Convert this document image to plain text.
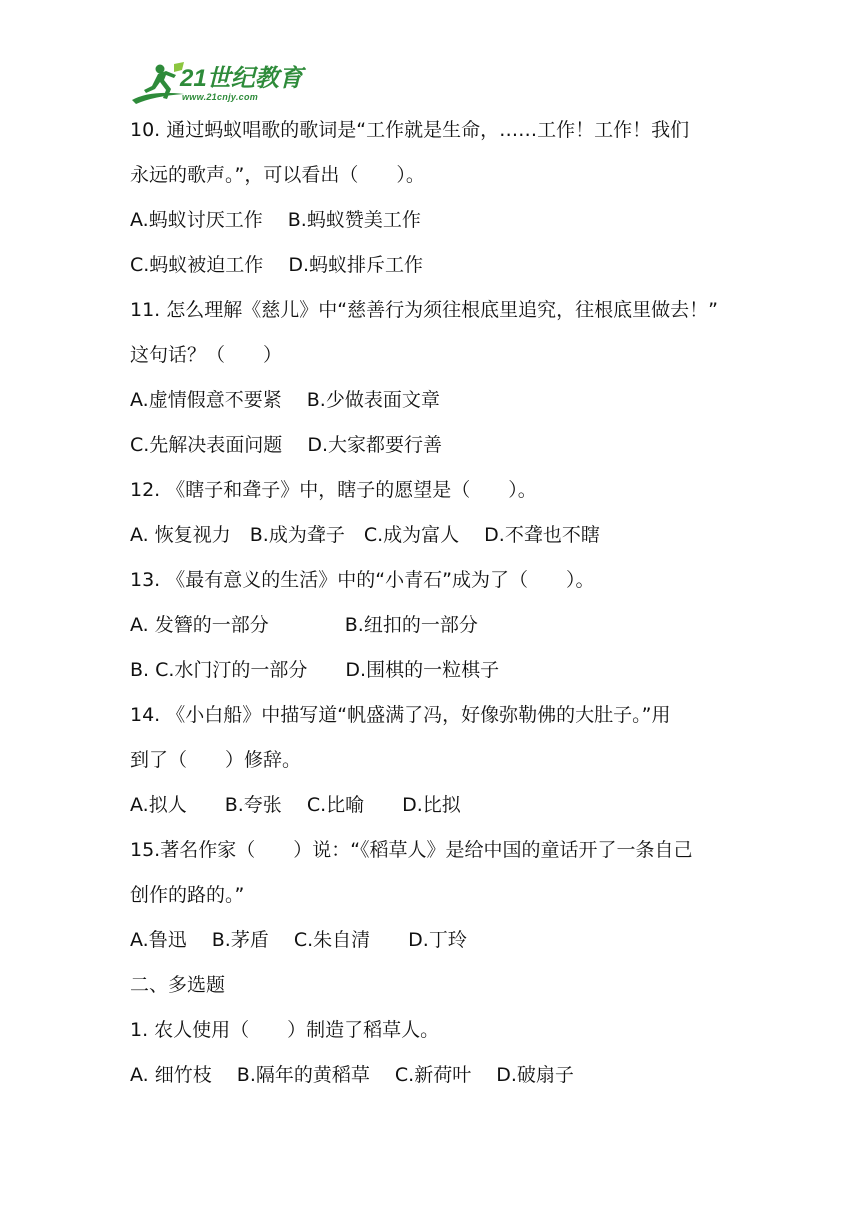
21世纪教育
www.21cnjy.com
10. 通过蚂蚁唱歌的歌词是“工作就是生命，……工作！工作！我们
永远的歌声。”，可以看出（　　）。
A.蚂蚁讨厌工作　 B.蚂蚁赞美工作
C.蚂蚁被迫工作　 D.蚂蚁排斥工作
11. 怎么理解《慈儿》中“慈善行为须往根底里追究，往根底里做去！”
这句话？（　　）
A.虚情假意不要紧　 B.少做表面文章
C.先解决表面问题　 D.大家都要行善
12. 《瞎子和聋子》中，瞎子的愿望是（　　）。
A. 恢复视力　B.成为聋子　C.成为富人　 D.不聋也不瞎
13. 《最有意义的生活》中的“小青石”成为了（　　）。
A. 发簪的一部分　　　　B.纽扣的一部分
B. C.水门汀的一部分　　D.围棋的一粒棋子
14. 《小白船》中描写道“帆盛满了冯，好像弥勒佛的大肚子。”用
到了（　　）修辞。
A.拟人　　B.夸张　 C.比喻　　D.比拟
15.著名作家（　　）说：“《稻草人》是给中国的童话开了一条自己
创作的路的。”
A.鲁迅　 B.茅盾　 C.朱自清　　D.丁玲
二、多选题
1. 农人使用（　　）制造了稻草人。
A. 细竹枝　 B.隔年的黄稻草　 C.新荷叶　 D.破扇子
